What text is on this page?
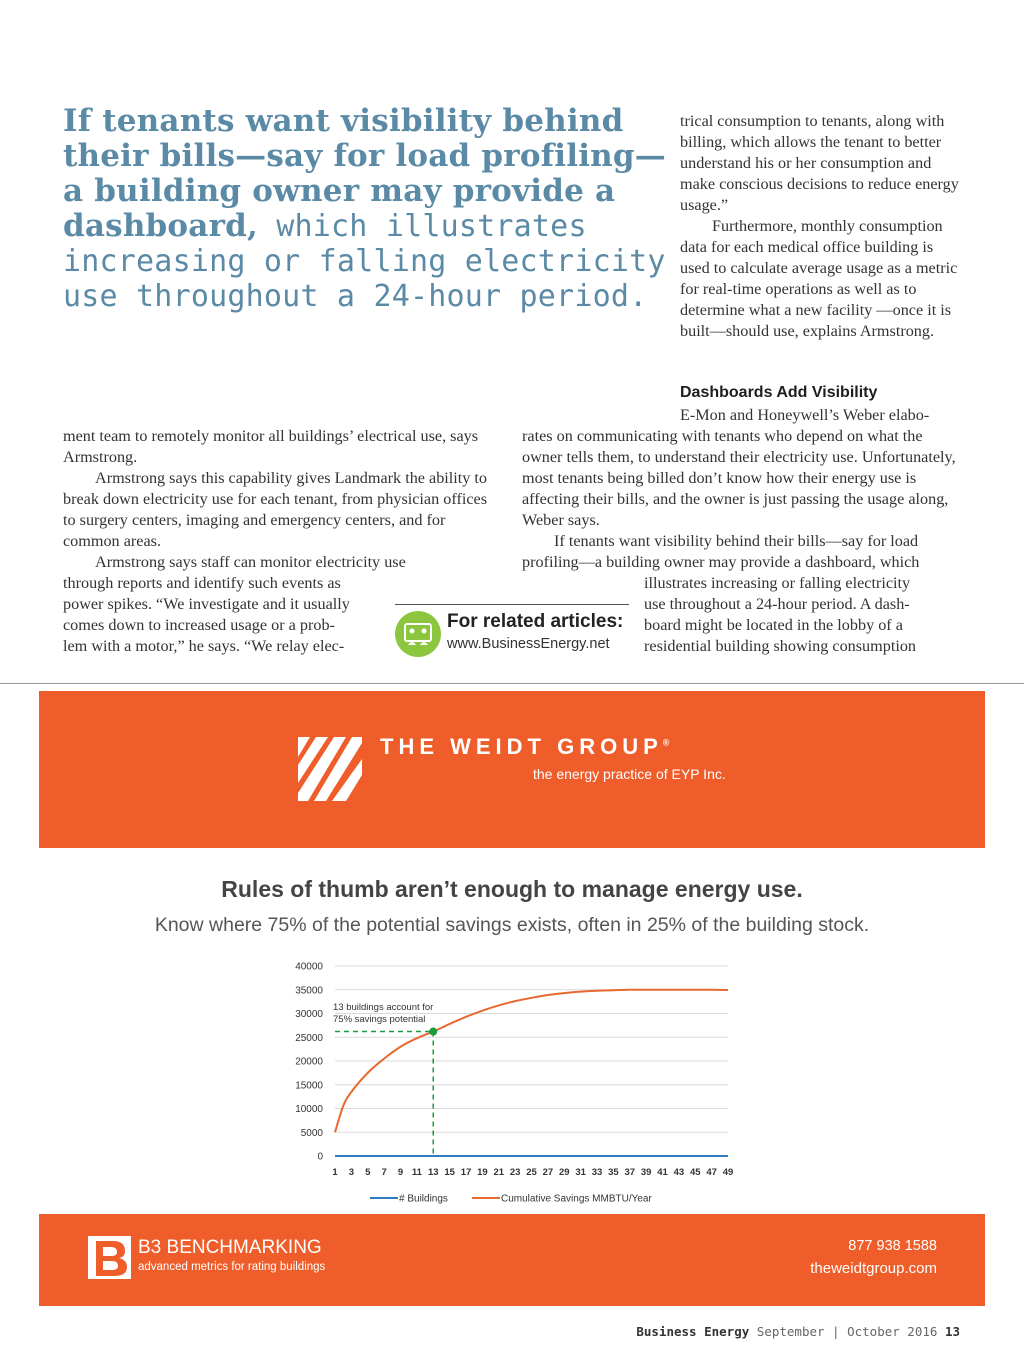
If tenants want visibility behind their bills—say for load profiling—a building owner may provide a dashboard, which illustrates increasing or falling electricity use throughout a 24-hour period.

trical consumption to tenants, along with billing, which allows the tenant to better understand his or her consumption and make conscious decisions to reduce energy usage.”

Furthermore, monthly consumption data for each medical office building is used to calculate average usage as a metric for real-time operations as well as to determine what a new facility —once it is built—should use, explains Armstrong.

Dashboards Add Visibility
E-Mon and Honeywell’s Weber elabo-

ment team to remotely monitor all buildings’ electrical use, says Armstrong.

Armstrong says this capability gives Landmark the ability to break down electricity use for each tenant, from physician offices to surgery centers, imaging and emergency centers, and for common areas.

Armstrong says staff can monitor electricity use

through reports and identify such events as

power spikes. “We investigate and it usually

comes down to increased usage or a prob-

lem with a motor,” he says. “We relay elec-

rates on communicating with tenants who depend on what the owner tells them, to understand their electricity use. Unfortunately, most tenants being billed don’t know how their energy use is affecting their bills, and the owner is just passing the usage along, Weber says.

If tenants want visibility behind their bills—say for load profiling—a building owner may provide a dashboard, which

illustrates increasing or falling electricity

use throughout a 24-hour period. A dash-

board might be located in the lobby of a

residential building showing consumption

For related articles:
www.BusinessEnergy.net
THE WEIDT GROUP®
the energy practice of EYP Inc.
Rules of thumb aren’t enough to manage energy use.
Know where 75% of the potential savings exists, often in 25% of the building stock.
40000
35000
30000
25000
20000
15000
10000
5000
0
1 3 5 7 9 11 13 15 17 19 21 23 25 27 29 31 33 35 37 39 41 43 45 47 49
13 buildings account for
75% savings potential
# Buildings	Cumulative Savings MMBTU/Year
B3 BENCHMARKING
advanced metrics for rating buildings
877 938 1588
theweidtgroup.com
Business Energy September | October 2016 13
